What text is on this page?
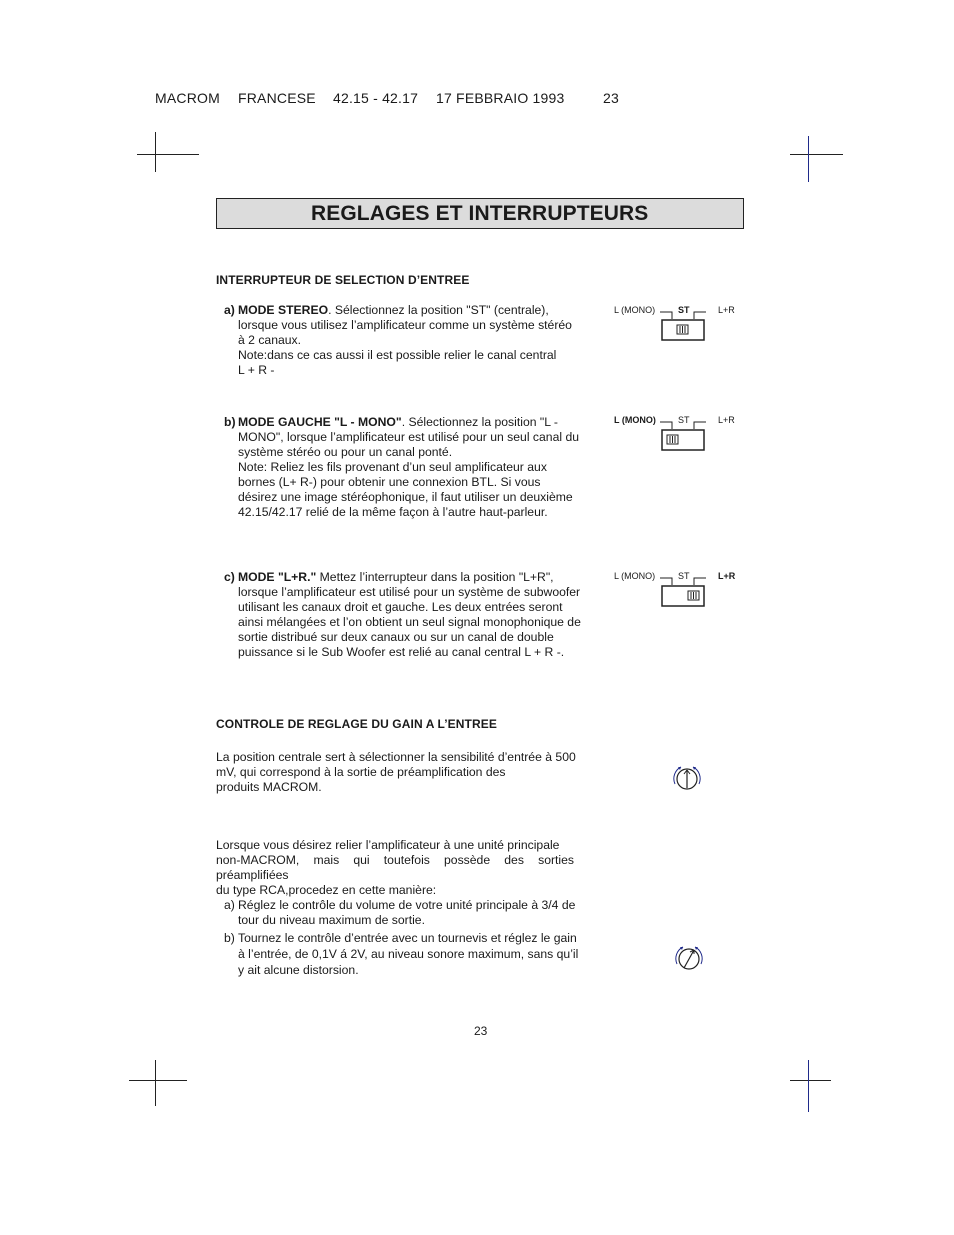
MACROM FRANCESE 42.15 - 42.17 17 FEBBRAIO 1993	23
REGLAGES ET INTERRUPTEURS
INTERRUPTEUR DE SELECTION D’ENTREE
a) MODE STEREO. Sélectionnez la position "ST" (centrale),
lorsque vous utilisez l’amplificateur comme un système stéréo
à 2 canaux.
Note:dans ce cas aussi il est possible relier le canal central
L + R -
b) MODE GAUCHE "L - MONO". Sélectionnez la position "L -
MONO", lorsque l’amplificateur est utilisé pour un seul canal du
système stéréo ou pour un canal ponté.
Note: Reliez les fils provenant d’un seul amplificateur aux
bornes (L+ R-) pour obtenir une connexion BTL. Si vous
désirez une image stéréophonique, il faut utiliser un deuxième
42.15/42.17 relié de la même façon à l’autre haut-parleur.
c) MODE "L+R." Mettez l’interrupteur dans la position "L+R",
lorsque l’amplificateur est utilisé pour un système de subwoofer
utilisant les canaux droit et gauche. Les deux entrées seront
ainsi mélangées et l’on obtient un seul signal monophonique de
sortie distribué sur deux canaux ou sur un canal de double
puissance si le Sub Woofer est relié au canal central L + R -.
L (MONO)	ST	L+R
L (MONO) ST	L+R
L (MONO)	ST	L+R
CONTROLE DE REGLAGE DU GAIN A L’ENTREE
La position centrale sert à sélectionner la sensibilité d’entrée à 500
mV, qui correspond à la sortie de préamplification des
produits MACROM.
Lorsque vous désirez relier l’amplificateur à une unité principale
non-MACROM, mais qui toutefois possède des sorties préamplifiées
du type RCA,procedez en cette manière:
a) Réglez le contrôle du volume de votre unité principale à 3/4 de
tour du niveau maximum de sortie.
b) Tournez le contrôle d’entrée avec un tournevis et réglez le gain
à l’entrée, de 0,1V á 2V, au niveau sonore maximum, sans qu’il
y ait alcune distorsion.
23
